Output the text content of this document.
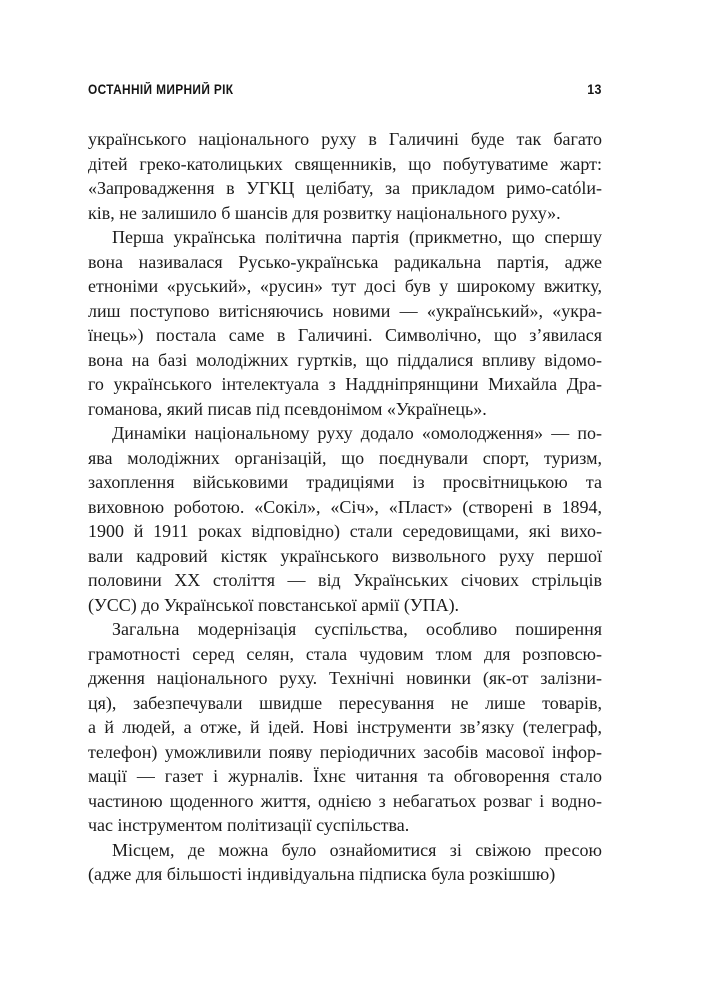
ОСТАННІЙ МИРНИЙ РІК	13
українського національного руху в Галичині буде так багато
дітей греко-католицьких священників, що побутуватиме жарт:
«Запровадження в УГКЦ целібату, за прикладом римо-católи-
ків, не залишило б шансів для розвитку національного руху».
Перша українська політична партія (прикметно, що спершу
вона називалася Русько-українська радикальна партія, адже
етноніми «руський», «русин» тут досі був у широкому вжитку,
лиш поступово витісняючись новими — «український», «укра-
їнець») постала саме в Галичині. Символічно, що з’явилася
вона на базі молодіжних гуртків, що піддалися впливу відомо-
го українського інтелектуала з Наддніпрянщини Михайла Дра-
гоманова, який писав під псевдонімом «Українець».
Динаміки національному руху додало «омолодження» — по-
ява молодіжних організацій, що поєднували спорт, туризм,
захоплення військовими традиціями із просвітницькою та
виховною роботою. «Сокіл», «Січ», «Пласт» (створені в 1894,
1900 й 1911 роках відповідно) стали середовищами, які вихо-
вали кадровий кістяк українського визвольного руху першої
половини ХХ століття — від Українських січових стрільців
(УСС) до Української повстанської армії (УПА).
Загальна модернізація суспільства, особливо поширення
грамотності серед селян, стала чудовим тлом для розповсю-
дження національного руху. Технічні новинки (як-от залізни-
ця), забезпечували швидше пересування не лише товарів,
а й людей, а отже, й ідей. Нові інструменти зв’язку (телеграф,
телефон) уможливили появу періодичних засобів масової інфор-
мації — газет і журналів. Їхнє читання та обговорення стало
частиною щоденного життя, однією з небагатьох розваг і водно-
час інструментом політизації суспільства.
Місцем, де можна було ознайомитися зі свіжою пресою
(адже для більшості індивідуальна підписка була розкішшю)
